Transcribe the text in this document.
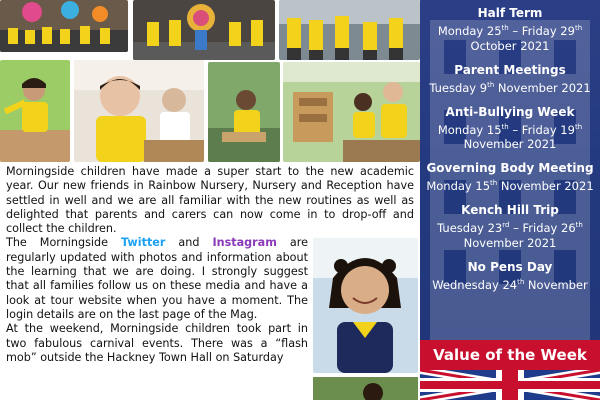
Morningside children have made a super start to the new academic year. Our new friends in Rainbow Nursery, Nursery and Reception have settled in well and we are all familiar with the new routines as well as delighted that parents and carers can now come in to drop-off and collect the children.

The Morningside Twitter and Instagram are regularly updated with photos and information about the learning that we are doing. I strongly suggest that all families follow us on these media and have a look at tour website when you have a moment. The login details are on the last page of the Mag.

At the weekend, Morningside children took part in two fabulous carnival events. There was a “flash mob” outside the Hackney Town Hall on Saturday

Half Term
Monday 25th – Friday 29th
October 2021
Parent Meetings
Tuesday 9th November 2021
Anti-Bullying Week
Monday 15th – Friday 19th
November 2021
Governing Body Meeting
Monday 15th November 2021
Kench Hill Trip
Tuesday 23rd – Friday 26th
November 2021
No Pens Day
Wednesday 24th November
Value of the Week
